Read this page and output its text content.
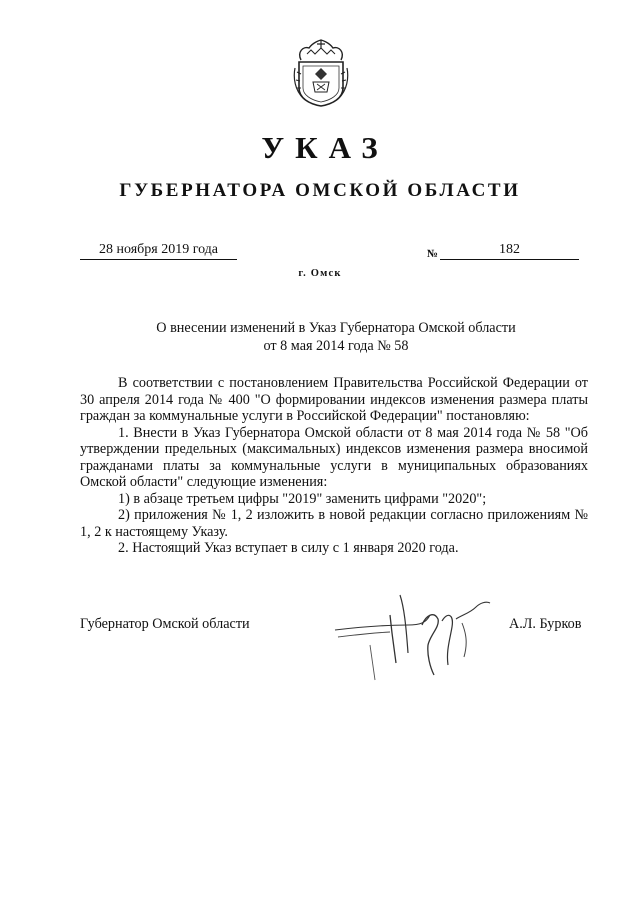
УКАЗ
ГУБЕРНАТОРА ОМСКОЙ ОБЛАСТИ
28 ноября 2019 года	№	182
г. Омск
О внесении изменений в Указ Губернатора Омской области
от 8 мая 2014 года № 58

В соответствии с постановлением Правительства Российской Федерации от 30 апреля 2014 года № 400 "О формировании индексов изменения размера платы граждан за коммунальные услуги в Российской Федерации" постановляю:

1. Внести в Указ Губернатора Омской области от 8 мая 2014 года № 58 "Об утверждении предельных (максимальных) индексов изменения размера вносимой гражданами платы за коммунальные услуги в муниципальных образованиях Омской области" следующие изменения:

1) в абзаце третьем цифры "2019" заменить цифрами "2020";

2) приложения № 1, 2 изложить в новой редакции согласно приложениям № 1, 2 к настоящему Указу.

2. Настоящий Указ вступает в силу с 1 января 2020 года.

Губернатор Омской области	А.Л. Бурков
